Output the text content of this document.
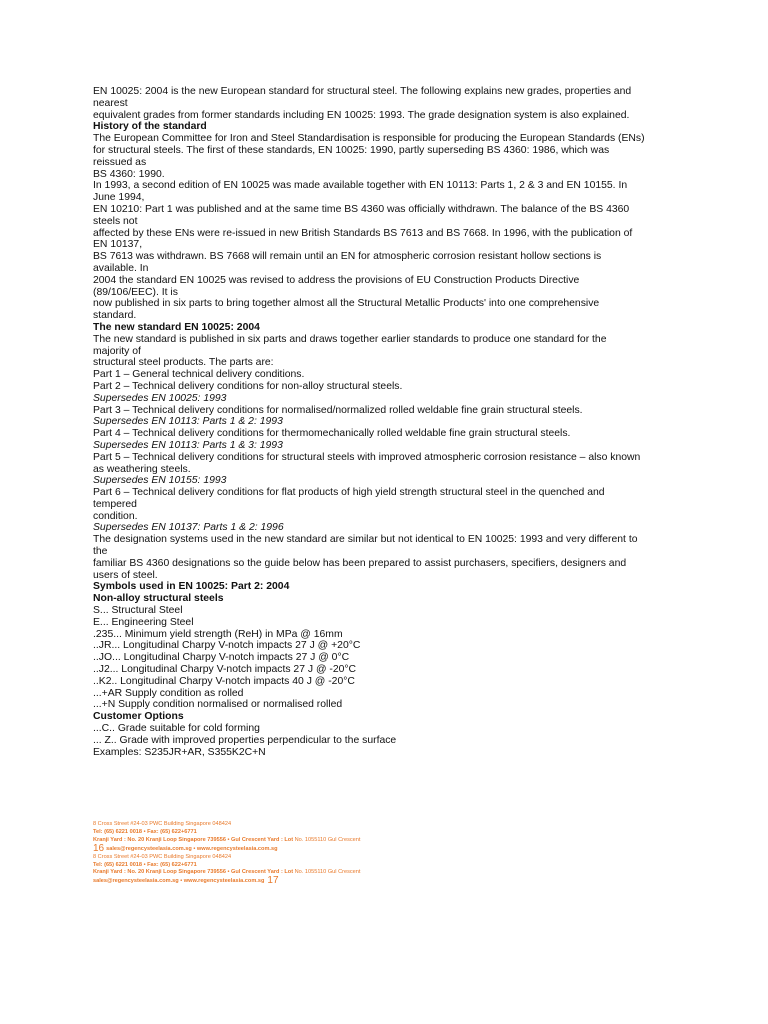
EN 10025: 2004 is the new European standard for structural steel. The following explains new grades, properties and
nearest
equivalent grades from former standards including EN 10025: 1993. The grade designation system is also explained.
History of the standard
The European Committee for Iron and Steel Standardisation is responsible for producing the European Standards (ENs)
for structural steels. The first of these standards, EN 10025: 1990, partly superseding BS 4360: 1986, which was
reissued as
BS 4360: 1990.
In 1993, a second edition of EN 10025 was made available together with EN 10113: Parts 1, 2 & 3 and EN 10155. In
June 1994,
EN 10210: Part 1 was published and at the same time BS 4360 was officially withdrawn. The balance of the BS 4360
steels not
affected by these ENs were re-issued in new British Standards BS 7613 and BS 7668. In 1996, with the publication of
EN 10137,
BS 7613 was withdrawn. BS 7668 will remain until an EN for atmospheric corrosion resistant hollow sections is
available. In
2004 the standard EN 10025 was revised to address the provisions of EU Construction Products Directive
(89/106/EEC). It is
now published in six parts to bring together almost all the Structural Metallic Products' into one comprehensive
standard.
The new standard EN 10025: 2004
The new standard is published in six parts and draws together earlier standards to produce one standard for the
majority of
structural steel products. The parts are:
Part 1 – General technical delivery conditions.
Part 2 – Technical delivery conditions for non-alloy structural steels.
Supersedes EN 10025: 1993
Part 3 – Technical delivery conditions for normalised/normalized rolled weldable fine grain structural steels.
Supersedes EN 10113: Parts 1 & 2: 1993
Part 4 – Technical delivery conditions for thermomechanically rolled weldable fine grain structural steels.
Supersedes EN 10113: Parts 1 & 3: 1993
Part 5 – Technical delivery conditions for structural steels with improved atmospheric corrosion resistance – also known
as weathering steels.
Supersedes EN 10155: 1993
Part 6 – Technical delivery conditions for flat products of high yield strength structural steel in the quenched and
tempered
condition.
Supersedes EN 10137: Parts 1 & 2: 1996
The designation systems used in the new standard are similar but not identical to EN 10025: 1993 and very different to
the
familiar BS 4360 designations so the guide below has been prepared to assist purchasers, specifiers, designers and
users of steel.
Symbols used in EN 10025: Part 2: 2004
Non-alloy structural steels
S... Structural Steel
E... Engineering Steel
.235... Minimum yield strength (ReH) in MPa @ 16mm
..JR... Longitudinal Charpy V-notch impacts 27 J @ +20°C
..JO... Longitudinal Charpy V-notch impacts 27 J @ 0°C
..J2... Longitudinal Charpy V-notch impacts 27 J @ -20°C
..K2.. Longitudinal Charpy V-notch impacts 40 J @ -20°C
...+AR Supply condition as rolled
...+N Supply condition normalised or normalised rolled
Customer Options
...C.. Grade suitable for cold forming
... Z.. Grade with improved properties perpendicular to the surface
Examples: S235JR+AR, S355K2C+N
8 Cross Street #24-03 PWC Building Singapore 048424
Tel: (65) 6221 0018 • Fax: (65) 622+6771
Kranji Yard : No. 20 Kranji Loop Singapore 739556 • Gul Crescent Yard : Lot No. 1055110 Gul Crescent
16 sales@regencysteelasia.com.sg • www.regencysteelasia.com.sg
8 Cross Street #24-03 PWC Building Singapore 048424
Tel: (65) 6221 0018 • Fax: (65) 622+6771
Kranji Yard : No. 20 Kranji Loop Singapore 739556 • Gul Crescent Yard : Lot No. 1055110 Gul Crescent
sales@regencysteelasia.com.sg • www.regencysteelasia.com.sg 17
